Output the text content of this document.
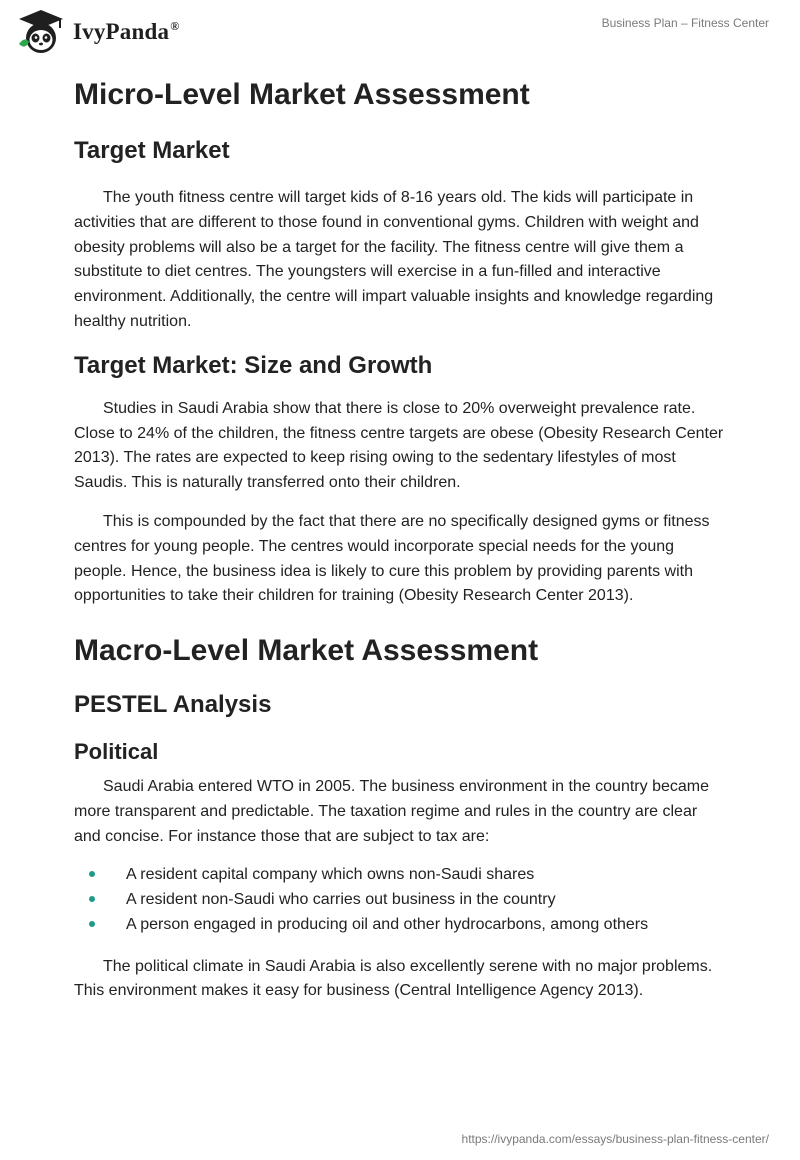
IvyPanda®	Business Plan – Fitness Center
Micro-Level Market Assessment
Target Market

The youth fitness centre will target kids of 8-16 years old. The kids will participate in activities that are different to those found in conventional gyms. Children with weight and obesity problems will also be a target for the facility. The fitness centre will give them a substitute to diet centres. The youngsters will exercise in a fun-filled and interactive environment. Additionally, the centre will impart valuable insights and knowledge regarding healthy nutrition.

Target Market: Size and Growth

Studies in Saudi Arabia show that there is close to 20% overweight prevalence rate. Close to 24% of the children, the fitness centre targets are obese (Obesity Research Center 2013). The rates are expected to keep rising owing to the sedentary lifestyles of most Saudis. This is naturally transferred onto their children.

This is compounded by the fact that there are no specifically designed gyms or fitness centres for young people. The centres would incorporate special needs for the young people. Hence, the business idea is likely to cure this problem by providing parents with opportunities to take their children for training (Obesity Research Center 2013).

Macro-Level Market Assessment
PESTEL Analysis
Political

Saudi Arabia entered WTO in 2005. The business environment in the country became more transparent and predictable. The taxation regime and rules in the country are clear and concise. For instance those that are subject to tax are:

A resident capital company which owns non-Saudi shares
A resident non-Saudi who carries out business in the country
A person engaged in producing oil and other hydrocarbons, among others

The political climate in Saudi Arabia is also excellently serene with no major problems. This environment makes it easy for business (Central Intelligence Agency 2013).

https://ivypanda.com/essays/business-plan-fitness-center/
